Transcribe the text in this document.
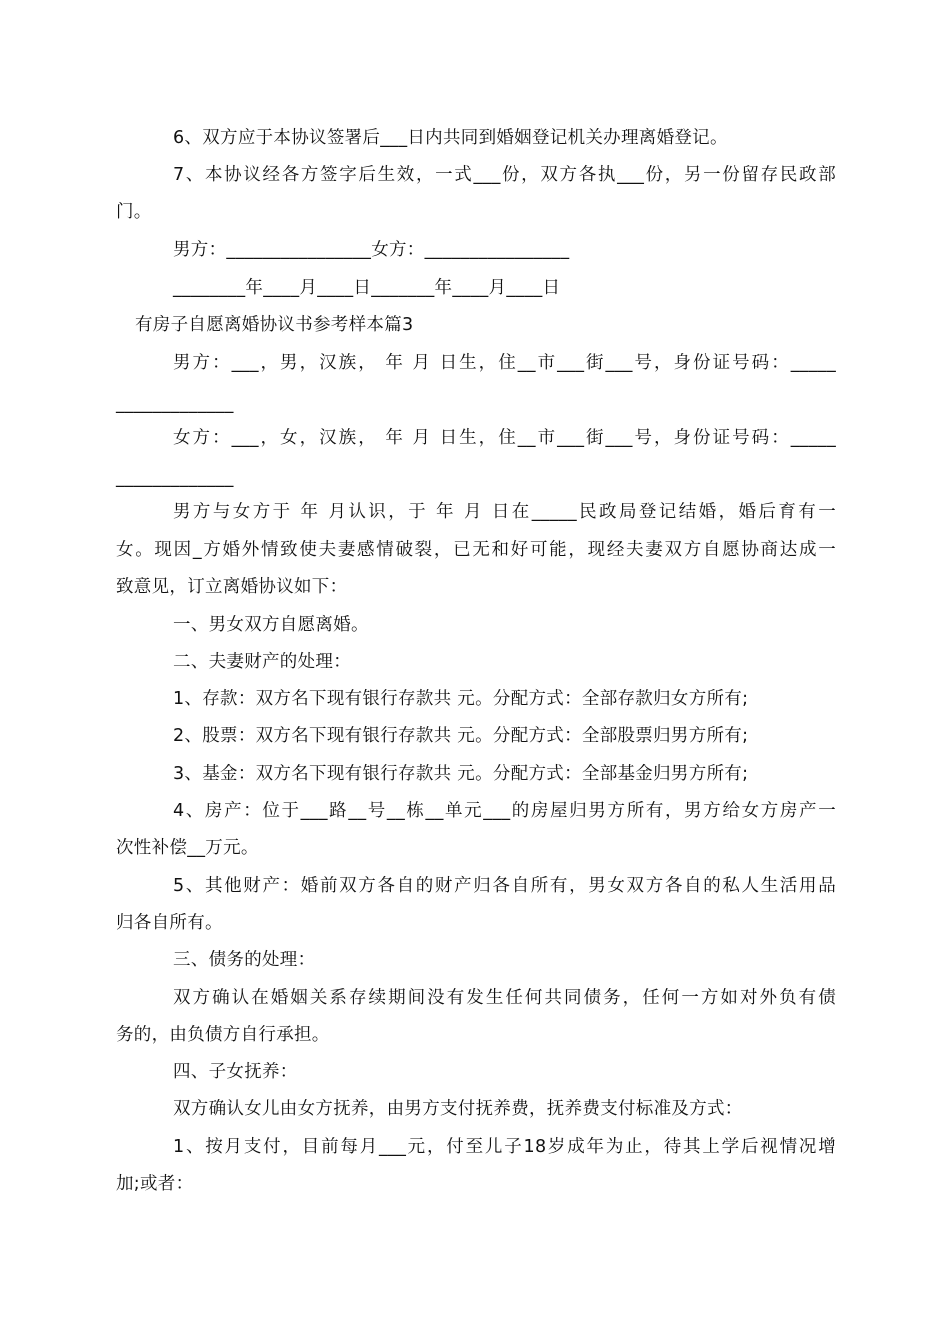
6、双方应于本协议签署后___日内共同到婚姻登记机关办理离婚登记。
7、本协议经各方签字后生效，一式___份，双方各执___份，另一份留存民政部
门。
男方：________________女方：________________
________年____月____日_______年____月____日
有房子自愿离婚协议书参考样本篇3
男方：___，男，汉族， 年 月 日生，住__市___街___号，身份证号码：_____
_____________
女方：___，女，汉族， 年 月 日生，住__市___街___号，身份证号码：_____
_____________
男方与女方于 年 月认识，于 年 月 日在_____民政局登记结婚，婚后育有一
女。现因_方婚外情致使夫妻感情破裂，已无和好可能，现经夫妻双方自愿协商达成一
致意见，订立离婚协议如下：
一、男女双方自愿离婚。
二、夫妻财产的处理：
1、存款：双方名下现有银行存款共 元。分配方式：全部存款归女方所有;
2、股票：双方名下现有银行存款共 元。分配方式：全部股票归男方所有;
3、基金：双方名下现有银行存款共 元。分配方式：全部基金归男方所有;
4、房产：位于___路__号__栋__单元___的房屋归男方所有，男方给女方房产一
次性补偿__万元。
5、其他财产：婚前双方各自的财产归各自所有，男女双方各自的私人生活用品
归各自所有。
三、债务的处理：
双方确认在婚姻关系存续期间没有发生任何共同债务，任何一方如对外负有债
务的，由负债方自行承担。
四、子女抚养：
双方确认女儿由女方抚养，由男方支付抚养费，抚养费支付标准及方式：
1、按月支付，目前每月___元，付至儿子18岁成年为止，待其上学后视情况增
加;或者：
